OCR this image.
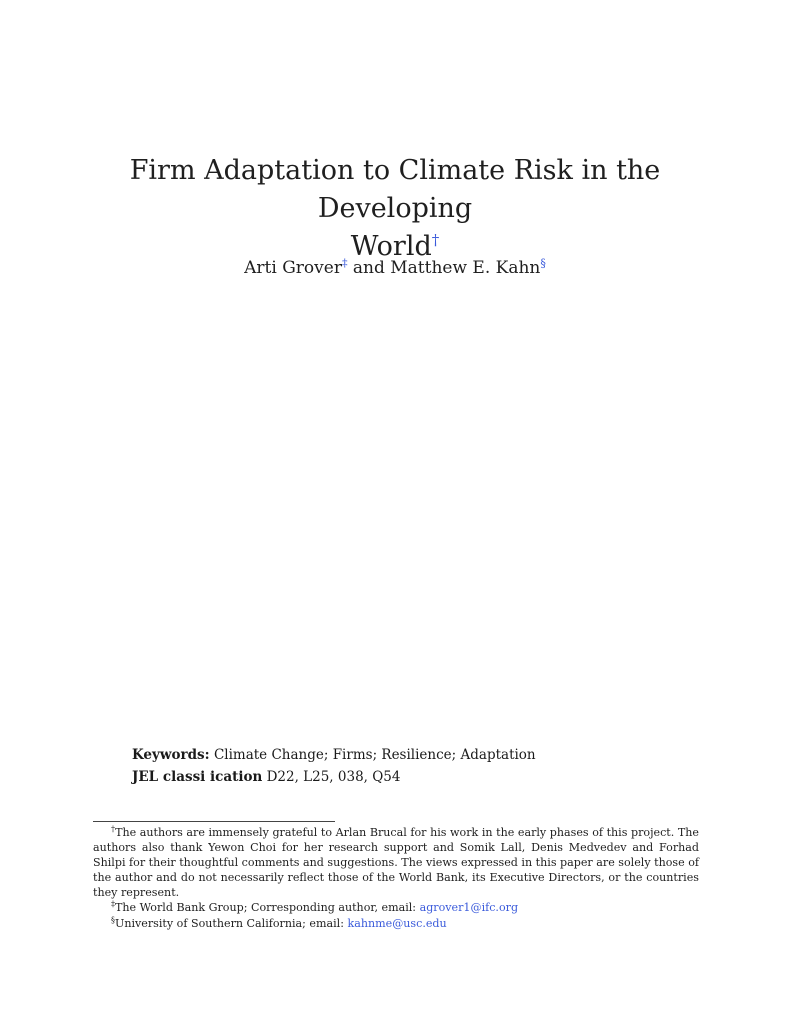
Firm Adaptation to Climate Risk in the Developing
World†
Arti Grover‡ and Matthew E. Kahn§
Keywords: Climate Change; Firms; Resilience; Adaptation
JEL classi ication D22, L25, 038, Q54

†The authors are immensely grateful to Arlan Brucal for his work in the early phases of this project. The authors also thank Yewon Choi for her research support and Somik Lall, Denis Medvedev and Forhad Shilpi for their thoughtful comments and suggestions. The views expressed in this paper are solely those of the author and do not necessarily reflect those of the World Bank, its Executive Directors, or the countries they represent.

‡The World Bank Group; Corresponding author, email: agrover1@ifc.org

§University of Southern California; email: kahnme@usc.edu
